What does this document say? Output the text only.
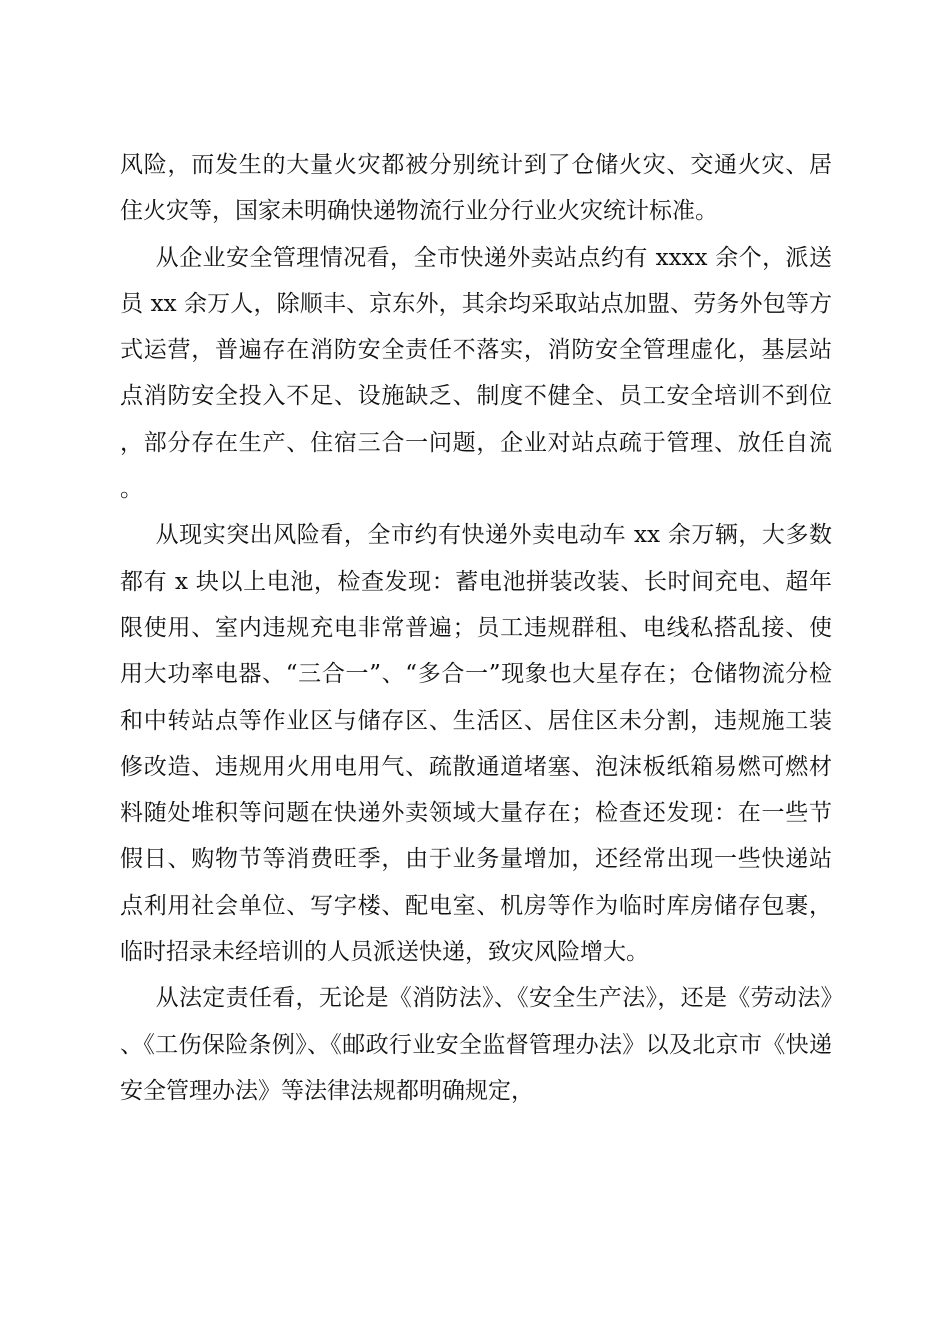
风险，而发生的大量火灾都被分别统计到了仓储火灾、交通火灾、居住火灾等，国家未明确快递物流行业分行业火灾统计标准。

从企业安全管理情况看，全市快递外卖站点约有 xxxx 余个，派送员 xx 余万人，除顺丰、京东外，其余均采取站点加盟、劳务外包等方式运营，普遍存在消防安全责任不落实，消防安全管理虚化，基层站点消防安全投入不足、设施缺乏、制度不健全、员工安全培训不到位，部分存在生产、住宿三合一问题，企业对站点疏于管理、放任自流。

从现实突出风险看，全市约有快递外卖电动车 xx 余万辆，大多数都有 x 块以上电池，检查发现：蓄电池拼装改装、长时间充电、超年限使用、室内违规充电非常普遍；员工违规群租、电线私搭乱接、使用大功率电器、“三合一”、“多合一”现象也大星存在；仓储物流分检和中转站点等作业区与储存区、生活区、居住区未分割，违规施工装修改造、违规用火用电用气、疏散通道堵塞、泡沫板纸箱易燃可燃材料随处堆积等问题在快递外卖领域大量存在；检查还发现：在一些节假日、购物节等消费旺季，由于业务量增加，还经常出现一些快递站点利用社会单位、写字楼、配电室、机房等作为临时库房储存包裹，临时招录未经培训的人员派送快递，致灾风险增大。

从法定责任看，无论是《消防法》、《安全生产法》，还是《劳动法》、《工伤保险条例》、《邮政行业安全监督管理办法》以及北京市《快递安全管理办法》等法律法规都明确规定，
